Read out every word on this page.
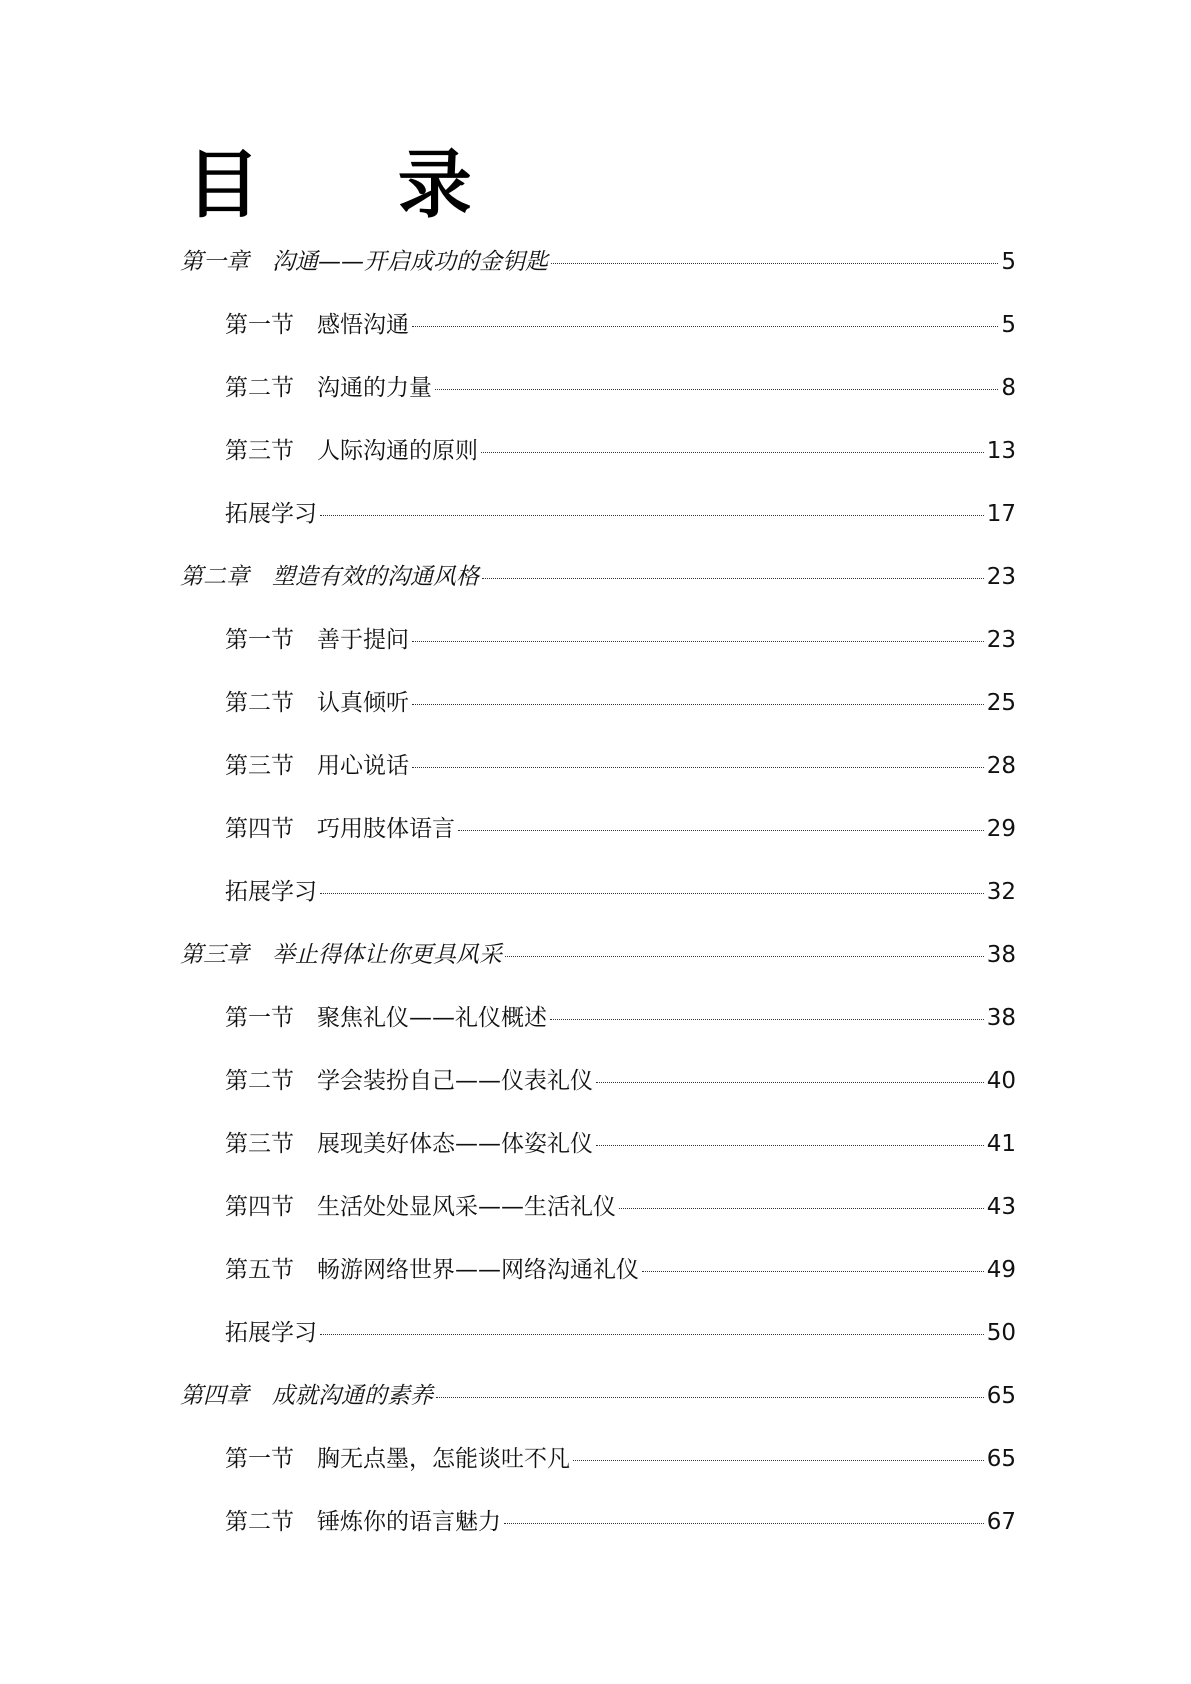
目 录
第一章　沟通——开启成功的金钥匙	5
第一节　感悟沟通	5
第二节　沟通的力量	8
第三节　人际沟通的原则	13
拓展学习	17
第二章　塑造有效的沟通风格	23
第一节　善于提问	23
第二节　认真倾听	25
第三节　用心说话	28
第四节　巧用肢体语言	29
拓展学习	32
第三章　举止得体让你更具风采	38
第一节　聚焦礼仪——礼仪概述	38
第二节　学会装扮自己——仪表礼仪	40
第三节　展现美好体态——体姿礼仪	41
第四节　生活处处显风采——生活礼仪	43
第五节　畅游网络世界——网络沟通礼仪	49
拓展学习	50
第四章　成就沟通的素养	65
第一节　胸无点墨，怎能谈吐不凡	65
第二节　锤炼你的语言魅力	67
